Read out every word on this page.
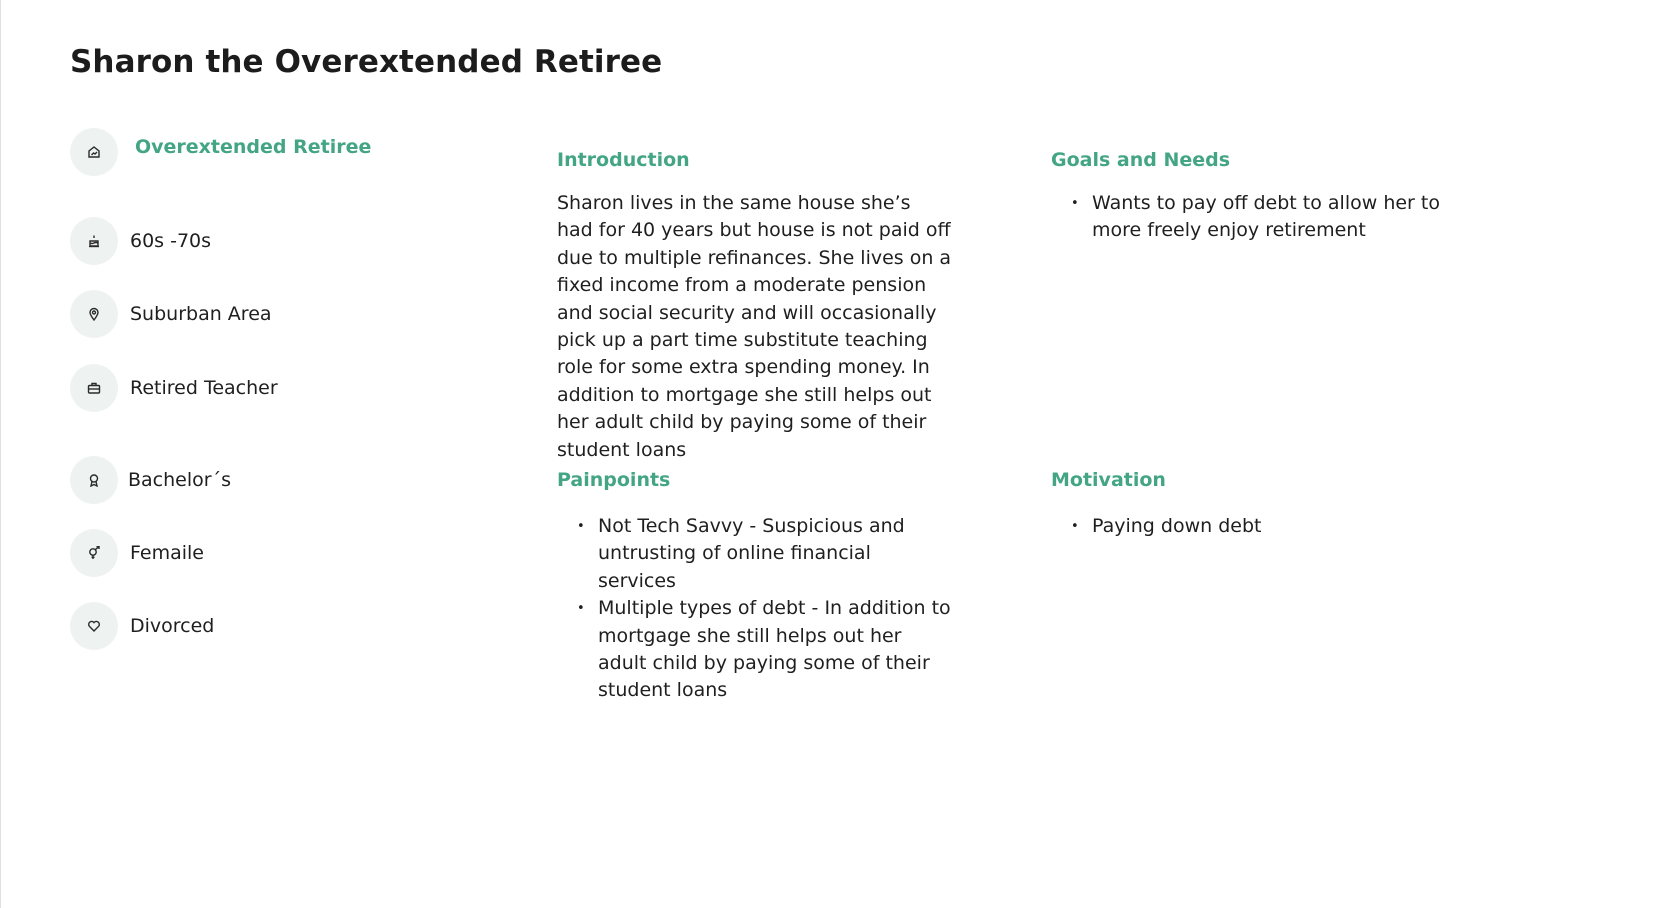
Sharon the Overextended Retiree
Overextended Retiree
60s -70s
Suburban Area
Retired Teacher
Bachelor´s
Femaile
Divorced
Introduction

Sharon lives in the same house she’s had for 40 years but house is not paid off due to multiple refinances. She lives on a fixed income from a moderate pension and social security and will occasionally pick up a part time substitute teaching role for some extra spending money. In addition to mortgage she still helps out her adult child by paying some of their student loans

Goals and Needs
• Wants to pay off debt to allow her to more freely enjoy retirement
Painpoints
• Not Tech Savvy - Suspicious and untrusting of online financial services
• Multiple types of debt - In addition to mortgage she still helps out her adult child by paying some of their student loans
Motivation
• Paying down debt
